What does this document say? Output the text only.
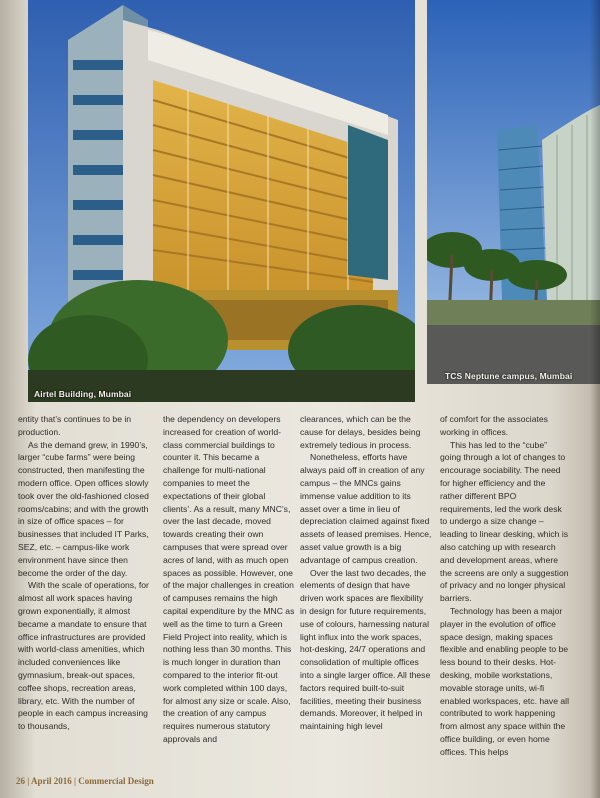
Airtel Building, Mumbai
TCS Neptune campus, Mumbai

entity that’s continues to be in production.

As the demand grew, in 1990’s, larger “cube farms” were being constructed, then manifesting the modern office. Open offices slowly took over the old-fashioned closed rooms/cabins; and with the growth in size of office spaces – for businesses that included IT Parks, SEZ, etc. – campus-like work environment have since then become the order of the day.

With the scale of operations, for almost all work spaces having grown exponentially, it almost became a mandate to ensure that office infrastructures are provided with world-class amenities, which included conveniences like gymnasium, break-out spaces, coffee shops, recreation areas, library, etc. With the number of people in each campus increasing to thousands,

the dependency on developers increased for creation of world-class commercial buildings to counter it. This became a challenge for multi-national companies to meet the expectations of their global clients’. As a result, many MNC’s, over the last decade, moved towards creating their own campuses that were spread over acres of land, with as much open spaces as possible. However, one of the major challenges in creation of campuses remains the high capital expenditure by the MNC as well as the time to turn a Green Field Project into reality, which is nothing less than 30 months. This is much longer in duration than compared to the interior fit-out work completed within 100 days, for almost any size or scale. Also, the creation of any campus requires numerous statutory approvals and

clearances, which can be the cause for delays, besides being extremely tedious in process.

Nonetheless, efforts have always paid off in creation of any campus – the MNCs gains immense value addition to its asset over a time in lieu of depreciation claimed against fixed assets of leased premises. Hence, asset value growth is a big advantage of campus creation.

Over the last two decades, the elements of design that have driven work spaces are flexibility in design for future requirements, use of colours, harnessing natural light influx into the work spaces, hot-desking, 24/7 operations and consolidation of multiple offices into a single larger office. All these factors required built-to-suit facilities, meeting their business demands. Moreover, it helped in maintaining high level

of comfort for the associates working in offices.

This has led to the “cube” going through a lot of changes to encourage sociability. The need for higher efficiency and the rather different BPO requirements, led the work desk to undergo a size change – leading to linear desking, which is also catching up with research and development areas, where the screens are only a suggestion of privacy and no longer physical barriers.

Technology has been a major player in the evolution of office space design, making spaces flexible and enabling people to be less bound to their desks. Hot-desking, mobile workstations, movable storage units, wi-fi enabled workspaces, etc. have all contributed to work happening from almost any space within the office building, or even home offices. This helps

26 | April 2016 | Commercial Design
